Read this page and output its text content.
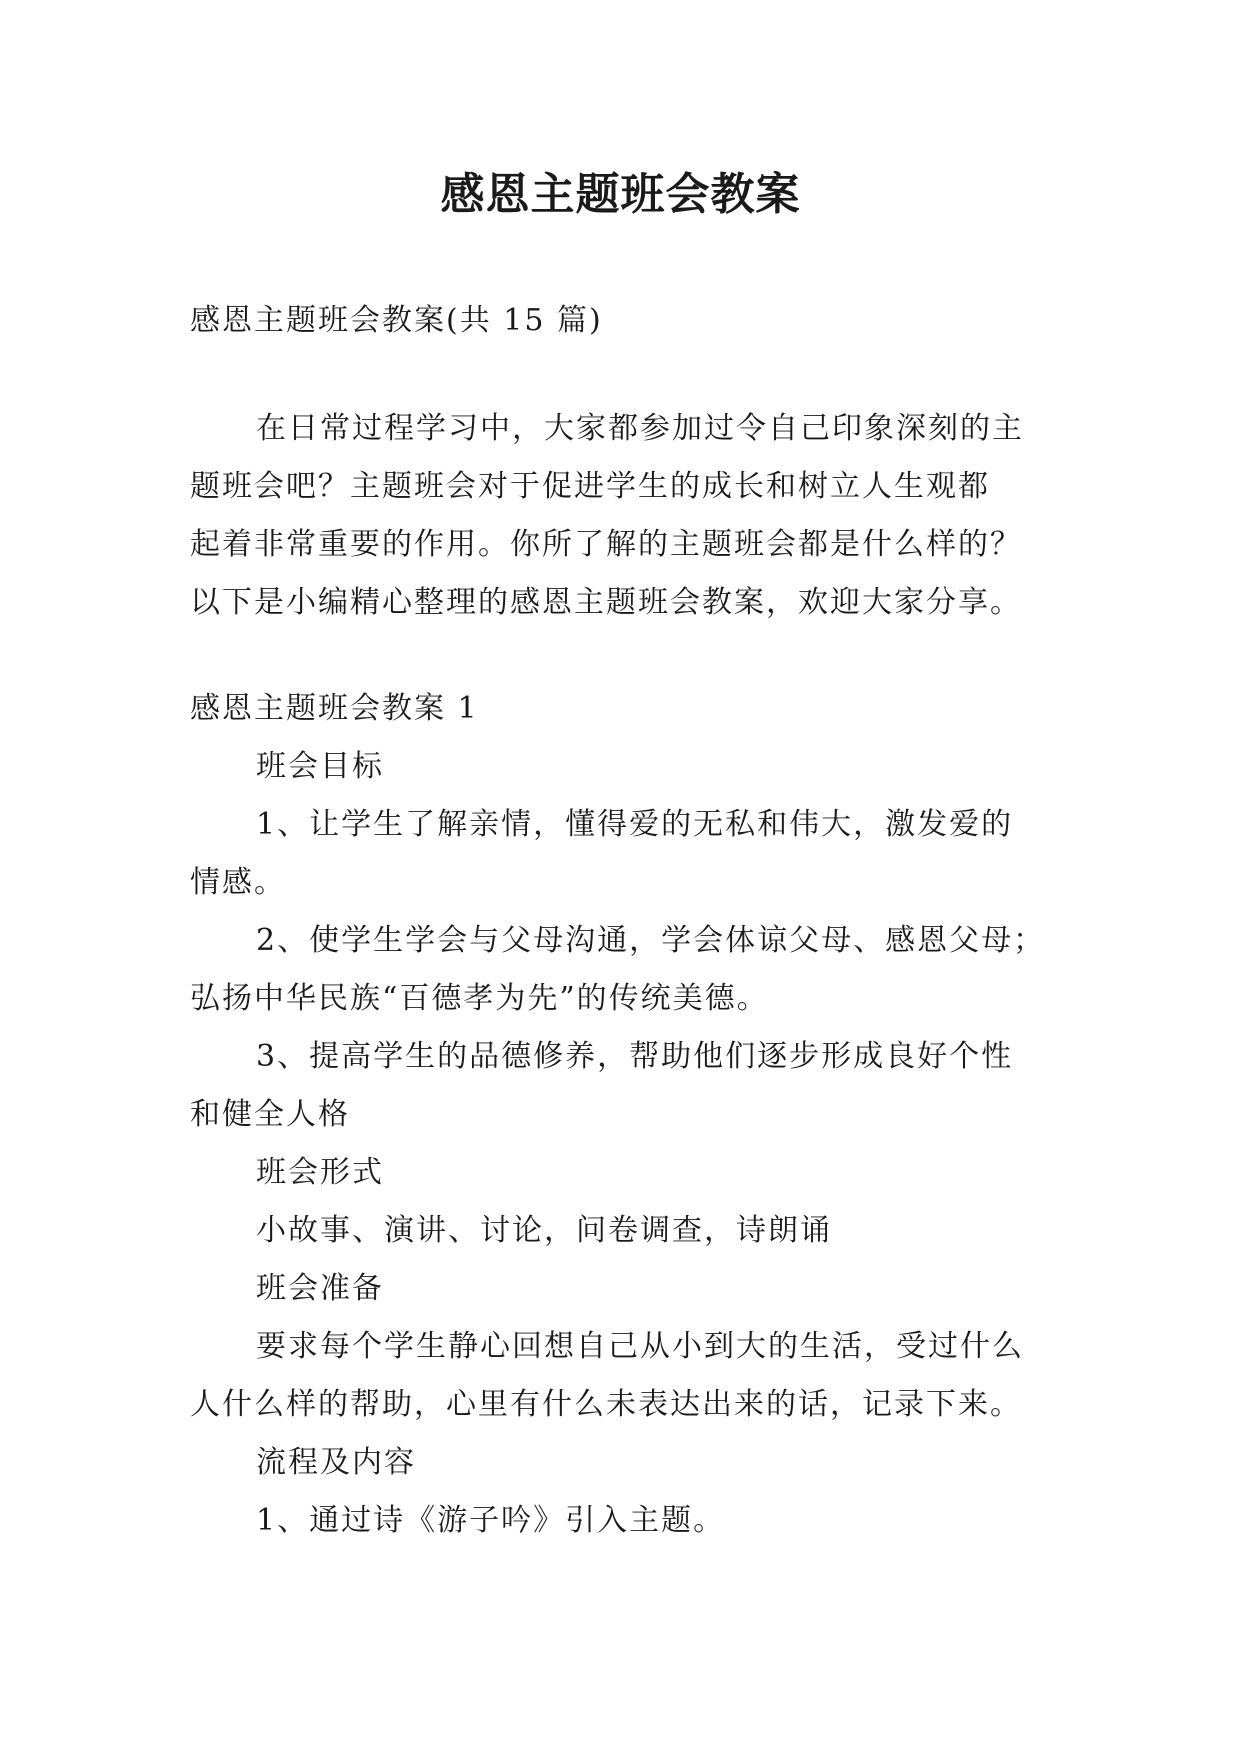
感恩主题班会教案

感恩主题班会教案(共 15 篇)

在日常过程学习中，大家都参加过令自己印象深刻的主

题班会吧？主题班会对于促进学生的成长和树立人生观都

起着非常重要的作用。你所了解的主题班会都是什么样的？

以下是小编精心整理的感恩主题班会教案，欢迎大家分享。

感恩主题班会教案 1

班会目标

1、让学生了解亲情，懂得爱的无私和伟大，激发爱的

情感。

2、使学生学会与父母沟通，学会体谅父母、感恩父母；

弘扬中华民族“百德孝为先”的传统美德。

3、提高学生的品德修养，帮助他们逐步形成良好个性

和健全人格

班会形式

小故事、演讲、讨论，问卷调查，诗朗诵

班会准备

要求每个学生静心回想自己从小到大的生活，受过什么

人什么样的帮助，心里有什么未表达出来的话，记录下来。

流程及内容

1、通过诗《游子吟》引入主题。
